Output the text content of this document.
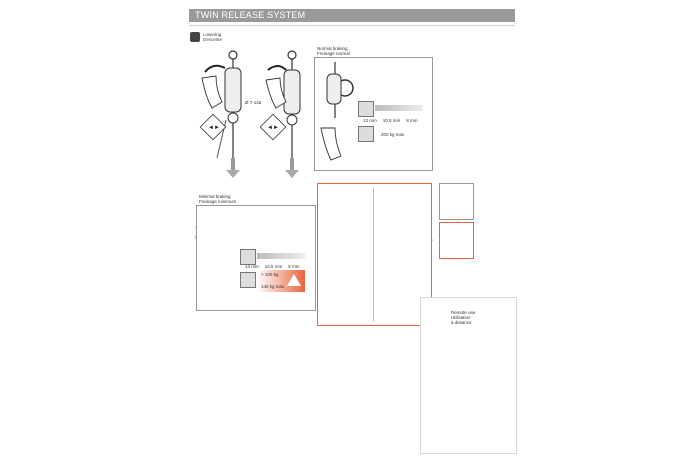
TWIN RELEASE SYSTEM
Lowering
Descente
◄►	◄►
Ø 7-13a
Normal braking
Freinage normal
13 mm 10,5 mm 8 mm
200 kg max
Minimal braking
Freinage minimum
13 mm 10,5 mm 8 mm
> 100 kg
140 kg max
Remote use
Utilisation
à distance
